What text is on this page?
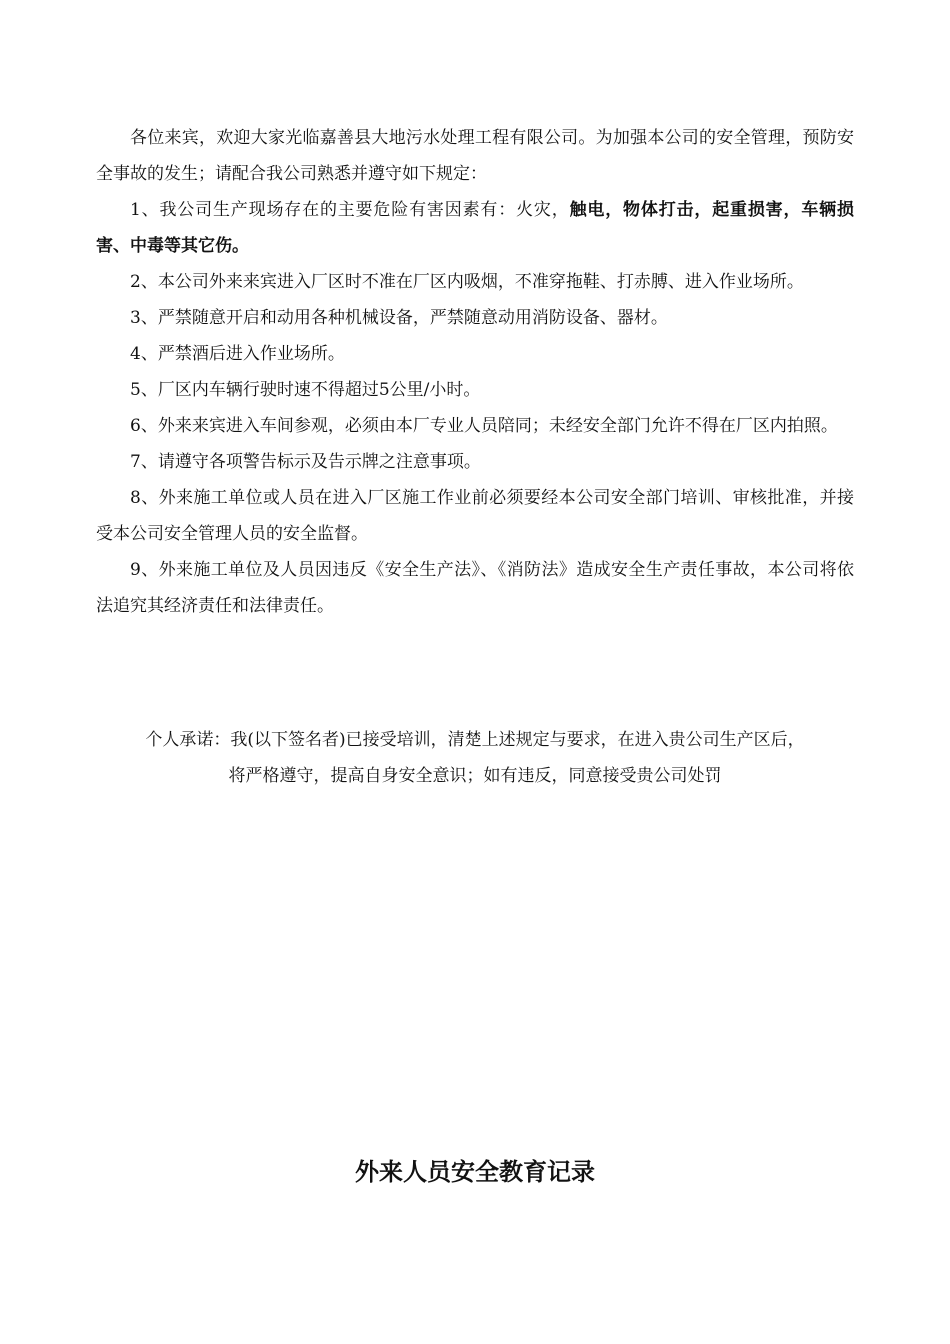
各位来宾，欢迎大家光临嘉善县大地污水处理工程有限公司。为加强本公司的安全管理，预防安全事故的发生；请配合我公司熟悉并遵守如下规定：

1、我公司生产现场存在的主要危险有害因素有：火灾，触电，物体打击，起重损害，车辆损害、中毒等其它伤。

2、本公司外来来宾进入厂区时不准在厂区内吸烟，不准穿拖鞋、打赤膊、进入作业场所。

3、严禁随意开启和动用各种机械设备，严禁随意动用消防设备、器材。

4、严禁酒后进入作业场所。

5、厂区内车辆行驶时速不得超过5公里/小时。

6、外来来宾进入车间参观，必须由本厂专业人员陪同；未经安全部门允许不得在厂区内拍照。

7、请遵守各项警告标示及告示牌之注意事项。

8、外来施工单位或人员在进入厂区施工作业前必须要经本公司安全部门培训、审核批准，并接受本公司安全管理人员的安全监督。

9、外来施工单位及人员因违反《安全生产法》、《消防法》造成安全生产责任事故，本公司将依法追究其经济责任和法律责任。

个人承诺：我(以下签名者)已接受培训，清楚上述规定与要求，在进入贵公司生产区后，

将严格遵守，提高自身安全意识；如有违反，同意接受贵公司处罚

外来人员安全教育记录
